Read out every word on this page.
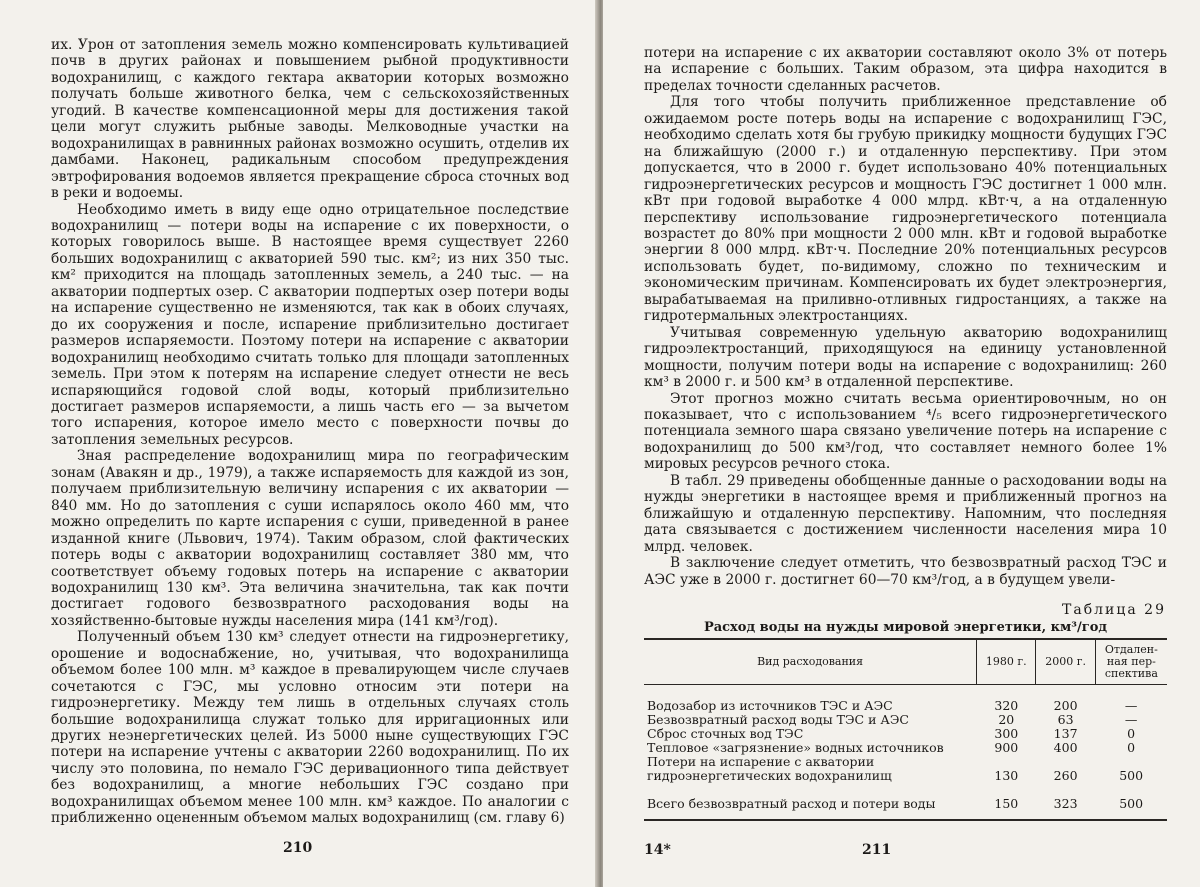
их. Урон от затопления земель можно компенсировать культивацией почв в других районах и повышением рыбной продуктивности водохранилищ, с каждого гектара акватории которых возможно получать больше животного белка, чем с сельскохозяйственных угодий. В качестве компенсационной меры для достижения такой цели могут служить рыбные заводы. Мелководные участки на водохранилищах в равнинных районах возможно осушить, отделив их дамбами. Наконец, радикальным способом предупреждения эвтрофирования водоемов является прекращение сброса сточных вод в реки и водоемы.

Необходимо иметь в виду еще одно отрицательное последствие водохранилищ — потери воды на испарение с их поверхности, о которых говорилось выше. В настоящее время существует 2260 больших водохранилищ с акваторией 590 тыс. км²; из них 350 тыс. км² приходится на площадь затопленных земель, а 240 тыс. — на акватории подпертых озер. С акватории подпертых озер потери воды на испарение существенно не изменяются, так как в обоих случаях, до их сооружения и после, испарение приблизительно достигает размеров испаряемости. Поэтому потери на испарение с акватории водохранилищ необходимо считать только для площади затопленных земель. При этом к потерям на испарение следует отнести не весь испаряющийся годовой слой воды, который приблизительно достигает размеров испаряемости, а лишь часть его — за вычетом того испарения, которое имело место с поверхности почвы до затопления земельных ресурсов.

Зная распределение водохранилищ мира по географическим зонам (Авакян и др., 1979), а также испаряемость для каждой из зон, получаем приблизительную величину испарения с их акватории — 840 мм. Но до затопления с суши испарялось около 460 мм, что можно определить по карте испарения с суши, приведенной в ранее изданной книге (Львович, 1974). Таким образом, слой фактических потерь воды с акватории водохранилищ составляет 380 мм, что соответствует объему годовых потерь на испарение с акватории водохранилищ 130 км³. Эта величина значительна, так как почти достигает годового безвозвратного расходования воды на хозяйственно-бытовые нужды населения мира (141 км³/год).

Полученный объем 130 км³ следует отнести на гидроэнергетику, орошение и водоснабжение, но, учитывая, что водохранилища объемом более 100 млн. м³ каждое в превалирующем числе случаев сочетаются с ГЭС, мы условно относим эти потери на гидроэнергетику. Между тем лишь в отдельных случаях столь большие водохранилища служат только для ирригационных или других неэнергетических целей. Из 5000 ныне существующих ГЭС потери на испарение учтены с акватории 2260 водохранилищ. По их числу это половина, по немало ГЭС деривационного типа действует без водохранилищ, а многие небольших ГЭС создано при водохранилищах объемом менее 100 млн. км³ каждое. По аналогии с приближенно оцененным объемом малых водохранилищ (см. главу 6)

210

потери на испарение с их акватории составляют около 3% от потерь на испарение с больших. Таким образом, эта цифра находится в пределах точности сделанных расчетов.

Для того чтобы получить приближенное представление об ожидаемом росте потерь воды на испарение с водохранилищ ГЭС, необходимо сделать хотя бы грубую прикидку мощности будущих ГЭС на ближайшую (2000 г.) и отдаленную перспективу. При этом допускается, что в 2000 г. будет использовано 40% потенциальных гидроэнергетических ресурсов и мощность ГЭС достигнет 1 000 млн. кВт при годовой выработке 4 000 млрд. кВт·ч, а на отдаленную перспективу использование гидроэнергетического потенциала возрастет до 80% при мощности 2 000 млн. кВт и годовой выработке энергии 8 000 млрд. кВт·ч. Последние 20% потенциальных ресурсов использовать будет, по-видимому, сложно по техническим и экономическим причинам. Компенсировать их будет электроэнергия, вырабатываемая на приливно-отливных гидростанциях, а также на гидротермальных электростанциях.

Учитывая современную удельную акваторию водохранилищ гидроэлектростанций, приходящуюся на единицу установленной мощности, получим потери воды на испарение с водохранилищ: 260 км³ в 2000 г. и 500 км³ в отдаленной перспективе.

Этот прогноз можно считать весьма ориентировочным, но он показывает, что с использованием ⁴/₅ всего гидроэнергетического потенциала земного шара связано увеличение потерь на испарение с водохранилищ до 500 км³/год, что составляет немного более 1% мировых ресурсов речного стока.

В табл. 29 приведены обобщенные данные о расходовании воды на нужды энергетики в настоящее время и приближенный прогноз на ближайшую и отдаленную перспективу. Напомним, что последняя дата связывается с достижением численности населения мира 10 млрд. человек.

В заключение следует отметить, что безвозвратный расход ТЭС и АЭС уже в 2000 г. достигнет 60—70 км³/год, а в будущем увели-

Таблица 29
Расход воды на нужды мировой энергетики, км³/год
Вид расходования	1980 г.	2000 г.	Отдаленная перспектива

Водозабор из источников ТЭС и АЭС	320	200	—
Безвозвратный расход воды ТЭС и АЭС	20	63	—
Сброс сточных вод ТЭС	300	137	0
Тепловое «загрязнение» водных источников	900	400	0
Потери на испарение с акватории гидроэнергетических водохранилищ	130	260	500

Всего безвозвратный расход и потери воды	150	323	500
14*	211
